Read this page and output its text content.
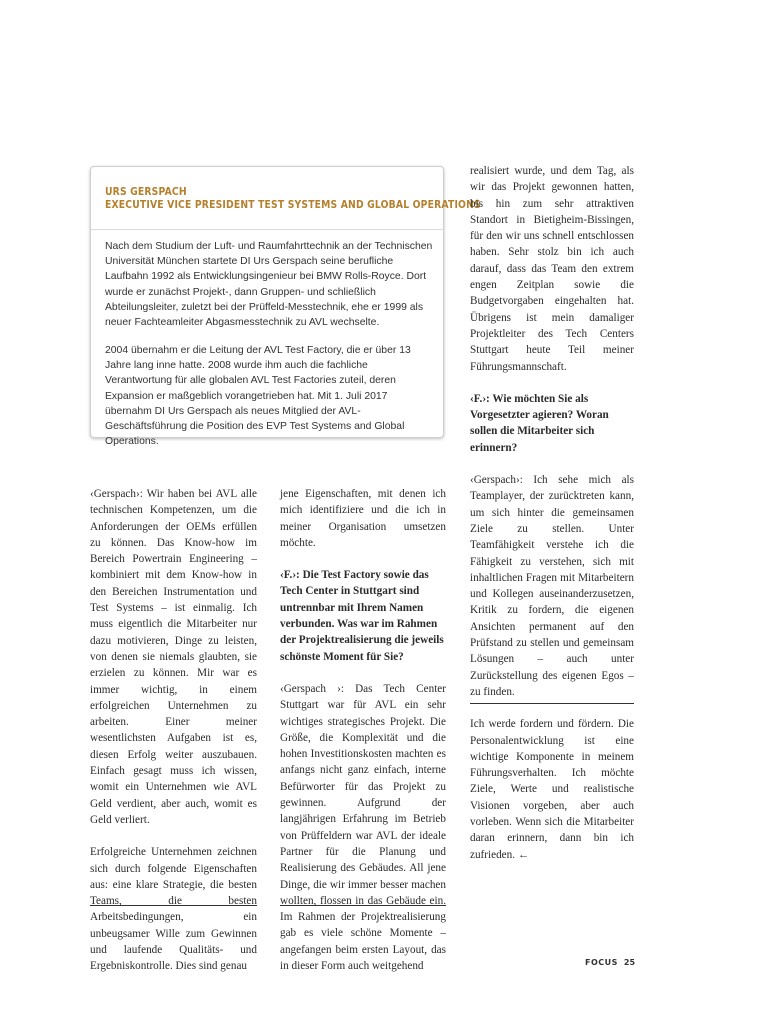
URS GERSPACH
EXECUTIVE VICE PRESIDENT TEST SYSTEMS AND GLOBAL OPERATIONS

Nach dem Studium der Luft- und Raumfahrttechnik an der Technischen Universität München startete DI Urs Gerspach seine berufliche Laufbahn 1992 als Entwicklungsingenieur bei BMW Rolls-Royce. Dort wurde er zunächst Projekt-, dann Gruppen- und schließlich Abteilungsleiter, zuletzt bei der Prüffeld-Messtechnik, ehe er 1999 als neuer Fachteamleiter Abgasmesstechnik zu AVL wechselte.

2004 übernahm er die Leitung der AVL Test Factory, die er über 13 Jahre lang inne hatte. 2008 wurde ihm auch die fachliche Verantwortung für alle globalen AVL Test Factories zuteil, deren Expansion er maßgeblich vorangetrieben hat. Mit 1. Juli 2017 übernahm DI Urs Gerspach als neues Mitglied der AVL-Geschäftsführung die Position des EVP Test Systems and Global Operations.

‹Gerspach›: Wir haben bei AVL alle technischen Kompetenzen, um die Anforderungen der OEMs erfüllen zu können. Das Know-how im Bereich Powertrain Engineering – kombiniert mit dem Know-how in den Bereichen Instrumentation und Test Systems – ist einmalig. Ich muss eigentlich die Mitarbeiter nur dazu motivieren, Dinge zu leisten, von denen sie niemals glaubten, sie erzielen zu können. Mir war es immer wichtig, in einem erfolgreichen Unternehmen zu arbeiten. Einer meiner wesentlichsten Aufgaben ist es, diesen Erfolg weiter auszubauen. Einfach gesagt muss ich wissen, womit ein Unternehmen wie AVL Geld verdient, aber auch, womit es Geld verliert.

Erfolgreiche Unternehmen zeichnen sich durch folgende Eigenschaften aus: eine klare Strategie, die besten Teams, die besten Arbeitsbedingungen, ein unbeugsamer Wille zum Gewinnen und laufende Qualitäts- und Ergebniskontrolle. Dies sind genau

jene Eigenschaften, mit denen ich mich identifiziere und die ich in meiner Organisation umsetzen möchte.

‹F.›: Die Test Factory sowie das Tech Center in Stuttgart sind untrennbar mit Ihrem Namen verbunden. Was war im Rahmen der Projektrealisierung die jeweils schönste Moment für Sie?

‹Gerspach ›: Das Tech Center Stuttgart war für AVL ein sehr wichtiges strategisches Projekt. Die Größe, die Komplexität und die hohen Investitionskosten machten es anfangs nicht ganz einfach, interne Befürworter für das Projekt zu gewinnen. Aufgrund der langjährigen Erfahrung im Betrieb von Prüffeldern war AVL der ideale Partner für die Planung und Realisierung des Gebäudes. All jene Dinge, die wir immer besser machen wollten, flossen in das Gebäude ein. Im Rahmen der Projektrealisierung gab es viele schöne Momente – angefangen beim ersten Layout, das in dieser Form auch weitgehend

realisiert wurde, und dem Tag, als wir das Projekt gewonnen hatten, bis hin zum sehr attraktiven Standort in Bietigheim-Bissingen, für den wir uns schnell entschlossen haben. Sehr stolz bin ich auch darauf, dass das Team den extrem engen Zeitplan sowie die Budgetvorgaben eingehalten hat. Übrigens ist mein damaliger Projektleiter des Tech Centers Stuttgart heute Teil meiner Führungsmannschaft.

‹F.›: Wie möchten Sie als Vorgesetzter agieren? Woran sollen die Mitarbeiter sich erinnern?

‹Gerspach›: Ich sehe mich als Teamplayer, der zurücktreten kann, um sich hinter die gemeinsamen Ziele zu stellen. Unter Teamfähigkeit verstehe ich die Fähigkeit zu verstehen, sich mit inhaltlichen Fragen mit Mitarbeitern und Kollegen auseinanderzusetzen, Kritik zu fordern, die eigenen Ansichten permanent auf den Prüfstand zu stellen und gemeinsam Lösungen – auch unter Zurückstellung des eigenen Egos – zu finden.

Ich werde fordern und fördern. Die Personalentwicklung ist eine wichtige Komponente in meinem Führungsverhalten. Ich möchte Ziele, Werte und realistische Visionen vorgeben, aber auch vorleben. Wenn sich die Mitarbeiter daran erinnern, dann bin ich zufrieden. ←

FOCUS 25
